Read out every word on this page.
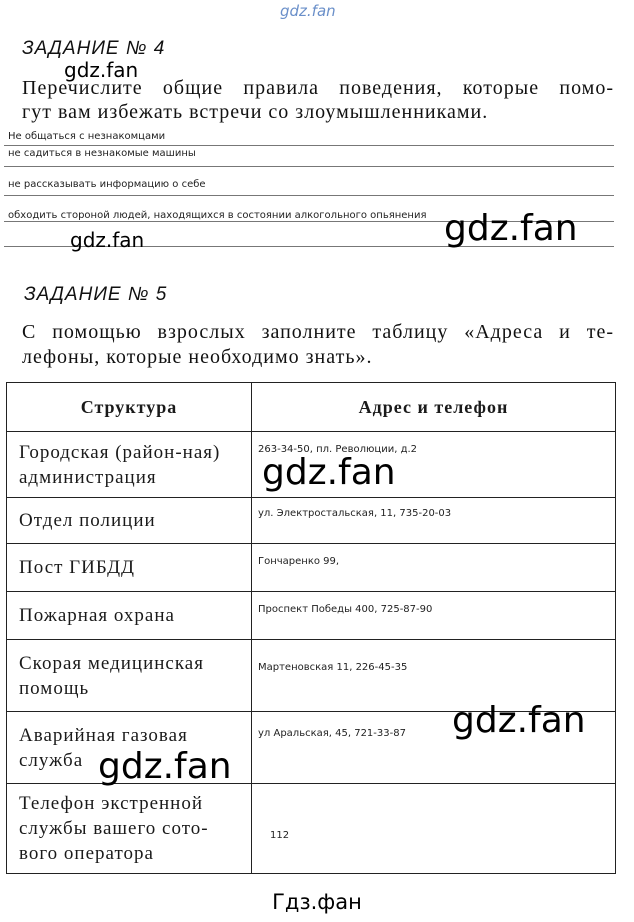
gdz.fan
ЗАДАНИЕ № 4
gdz.fan
Перечислите общие правила поведения, которые помо-
гут вам избежать встречи со злоумышленниками.
Не общаться с незнакомцами
не садиться в незнакомые машины
не рассказывать информацию о себе
обходить стороной людей, находящихся в состоянии алкогольного опьянения
gdz.fan	gdz.fan
ЗАДАНИЕ № 5
С помощью взрослых заполните таблицу «Адреса и те-
лефоны, которые необходимо знать».
Структура	Адрес и телефон
Городская (район-ная) администрация	263-34-50, пл. Революции, д.2
Отдел полиции	ул. Электростальская, 11, 735-20-03
Пост ГИБДД	Гончаренко 99,
Пожарная охрана	Проспект Победы 400, 725-87-90
Скорая медицинская помощь	Мартеновская 11, 226-45-35
Аварийная газовая служба	ул Аральская, 45, 721-33-87
Телефон экстренной службы вашего сото-вого оператора	112
gdz.fan
gdz.fan
gdz.fan
Гдз.фан
